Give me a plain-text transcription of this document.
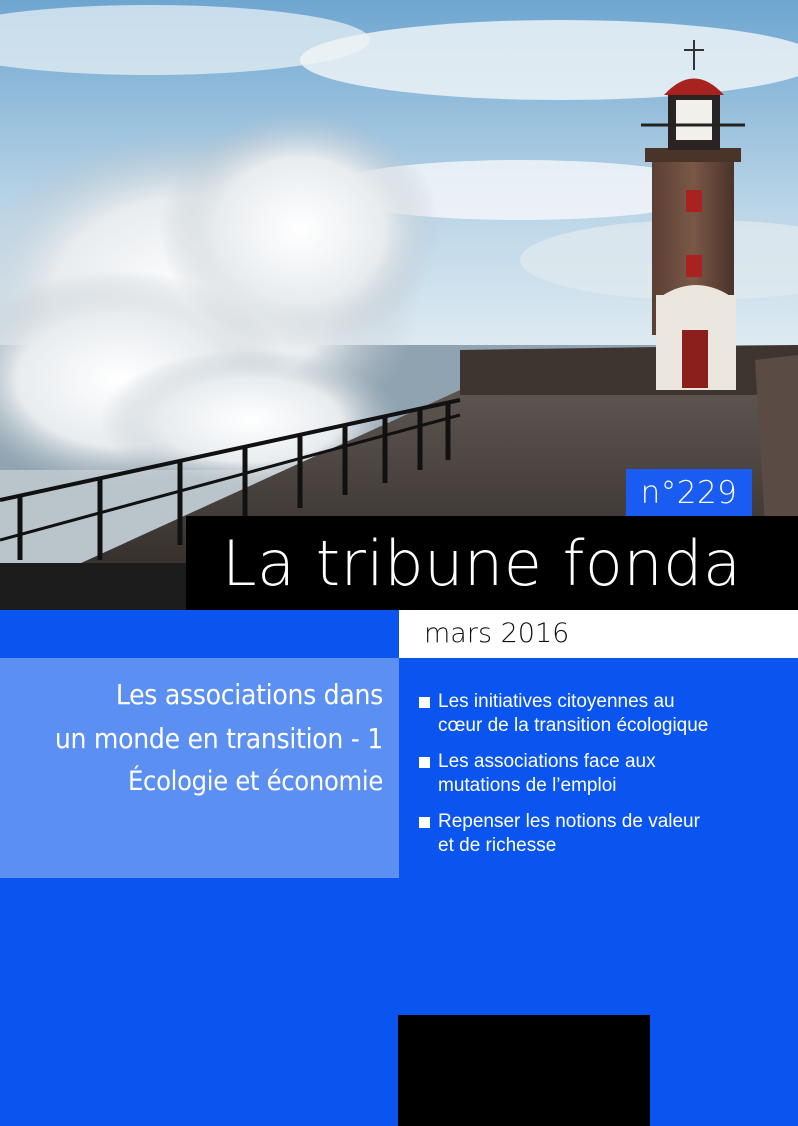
n°229
La tribune fonda
mars 2016
Les associations dans
un monde en transition - 1
Écologie et économie
Les initiatives citoyennes au
cœur de la transition écologique
Les associations face aux
mutations de l’emploi
Repenser les notions de valeur
et de richesse
